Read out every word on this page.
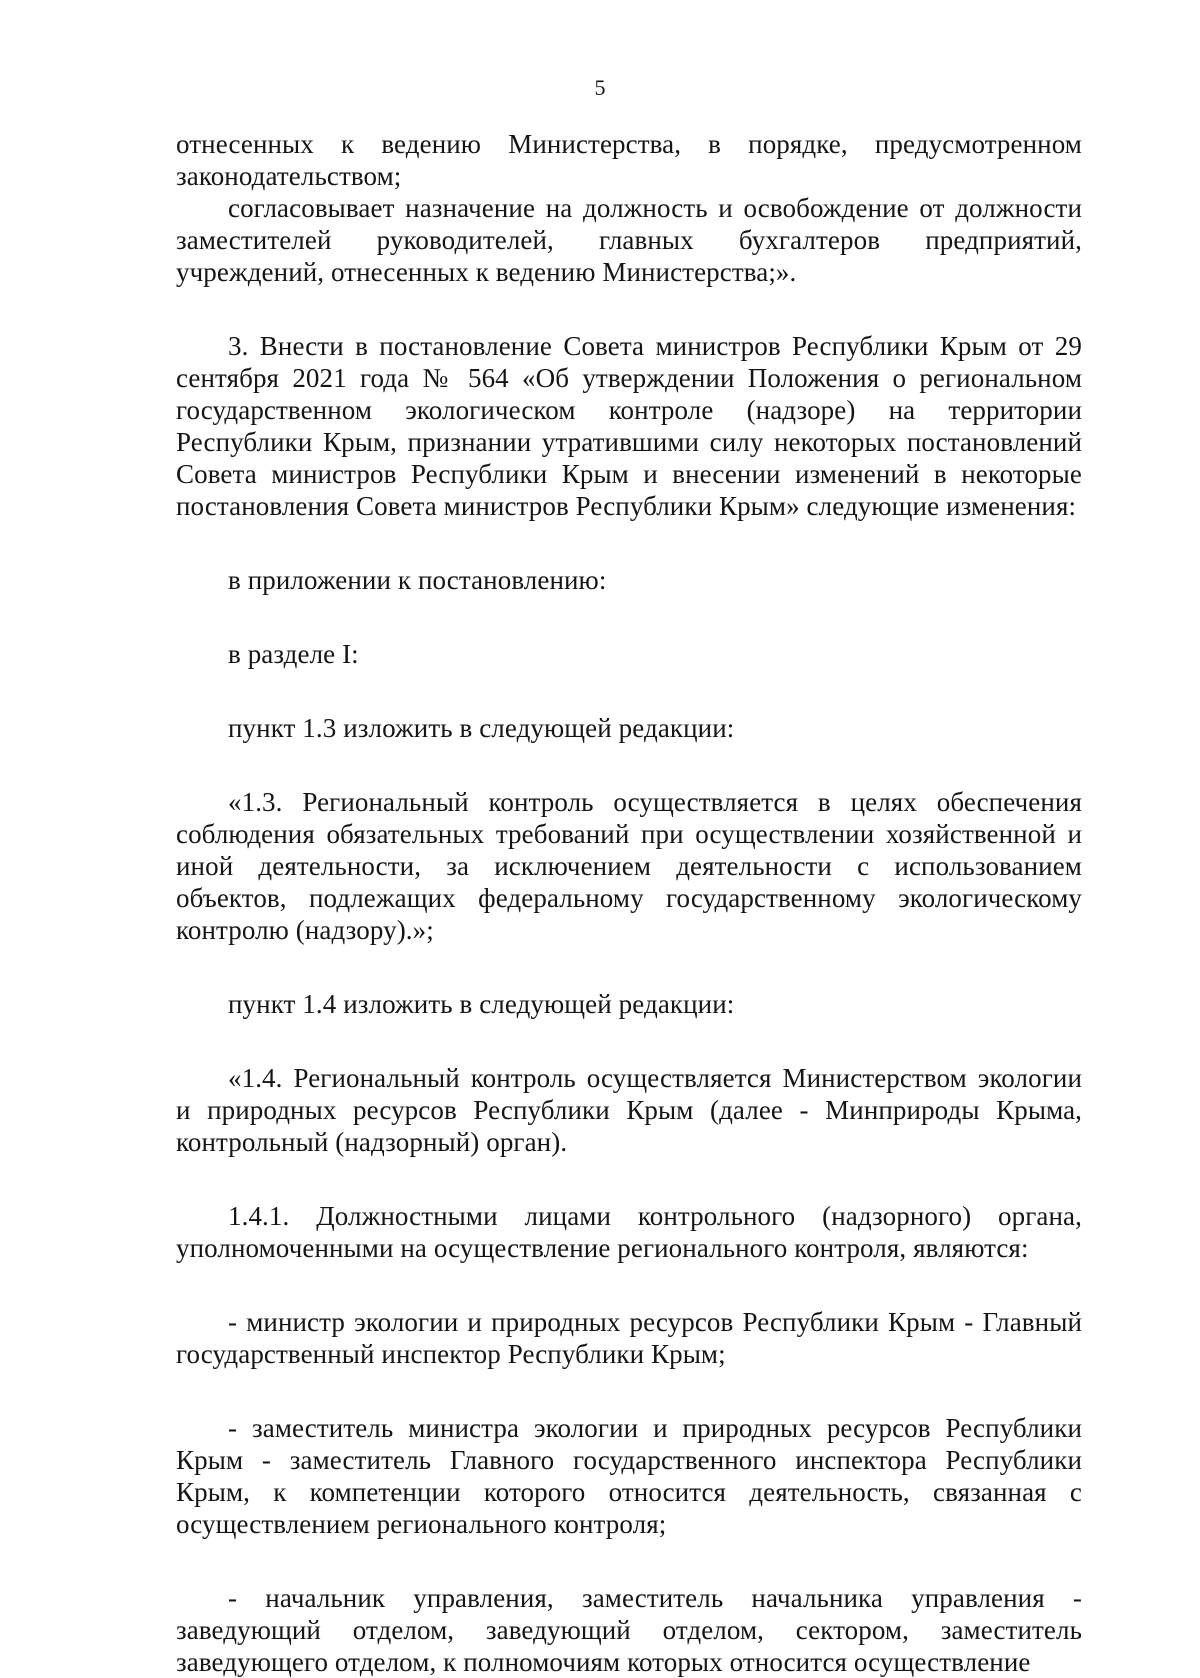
5

отнесенных к ведению Министерства, в порядке, предусмотренном законодательством;

согласовывает назначение на должность и освобождение от должности заместителей руководителей, главных бухгалтеров предприятий, учреждений, отнесенных к ведению Министерства;».

3. Внести в постановление Совета министров Республики Крым от 29 сентября 2021 года № 564 «Об утверждении Положения о региональном государственном экологическом контроле (надзоре) на территории Республики Крым, признании утратившими силу некоторых постановлений Совета министров Республики Крым и внесении изменений в некоторые постановления Совета министров Республики Крым» следующие изменения:

в приложении к постановлению:

в разделе I:

пункт 1.3 изложить в следующей редакции:

«1.3. Региональный контроль осуществляется в целях обеспечения соблюдения обязательных требований при осуществлении хозяйственной и иной деятельности, за исключением деятельности с использованием объектов, подлежащих федеральному государственному экологическому контролю (надзору).»;

пункт 1.4 изложить в следующей редакции:

«1.4. Региональный контроль осуществляется Министерством экологии и природных ресурсов Республики Крым (далее - Минприроды Крыма, контрольный (надзорный) орган).

1.4.1. Должностными лицами контрольного (надзорного) органа, уполномоченными на осуществление регионального контроля, являются:

- министр экологии и природных ресурсов Республики Крым - Главный государственный инспектор Республики Крым;

- заместитель министра экологии и природных ресурсов Республики Крым - заместитель Главного государственного инспектора Республики Крым, к компетенции которого относится деятельность, связанная с осуществлением регионального контроля;

- начальник управления, заместитель начальника управления - заведующий отделом, заведующий отделом, сектором, заместитель заведующего отделом, к полномочиям которых относится осуществление
